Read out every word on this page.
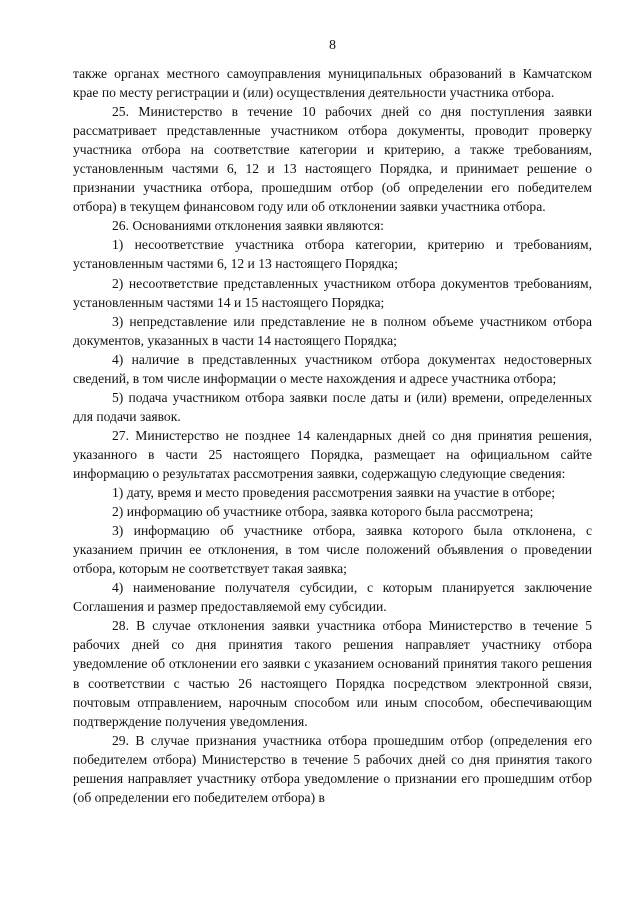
8

также органах местного самоуправления муниципальных образований в Камчатском крае по месту регистрации и (или) осуществления деятельности участника отбора.

25. Министерство в течение 10 рабочих дней со дня поступления заявки рассматривает представленные участником отбора документы, проводит проверку участника отбора на соответствие категории и критерию, а также требованиям, установленным частями 6, 12 и 13 настоящего Порядка, и принимает решение о признании участника отбора, прошедшим отбор (об определении его победителем отбора) в текущем финансовом году или об отклонении заявки участника отбора.

26. Основаниями отклонения заявки являются:

1) несоответствие участника отбора категории, критерию и требованиям, установленным частями 6, 12 и 13 настоящего Порядка;

2) несоответствие представленных участником отбора документов требованиям, установленным частями 14 и 15 настоящего Порядка;

3) непредставление или представление не в полном объеме участником отбора документов, указанных в части 14 настоящего Порядка;

4) наличие в представленных участником отбора документах недостоверных сведений, в том числе информации о месте нахождения и адресе участника отбора;

5) подача участником отбора заявки после даты и (или) времени, определенных для подачи заявок.

27. Министерство не позднее 14 календарных дней со дня принятия решения, указанного в части 25 настоящего Порядка, размещает на официальном сайте информацию о результатах рассмотрения заявки, содержащую следующие сведения:

1) дату, время и место проведения рассмотрения заявки на участие в отборе;

2) информацию об участнике отбора, заявка которого была рассмотрена;

3) информацию об участнике отбора, заявка которого была отклонена, с указанием причин ее отклонения, в том числе положений объявления о проведении отбора, которым не соответствует такая заявка;

4) наименование получателя субсидии, с которым планируется заключение Соглашения и размер предоставляемой ему субсидии.

28. В случае отклонения заявки участника отбора Министерство в течение 5 рабочих дней со дня принятия такого решения направляет участнику отбора уведомление об отклонении его заявки с указанием оснований принятия такого решения в соответствии с частью 26 настоящего Порядка посредством электронной связи, почтовым отправлением, нарочным способом или иным способом, обеспечивающим подтверждение получения уведомления.

29. В случае признания участника отбора прошедшим отбор (определения его победителем отбора) Министерство в течение 5 рабочих дней со дня принятия такого решения направляет участнику отбора уведомление о признании его прошедшим отбор (об определении его победителем отбора) в
